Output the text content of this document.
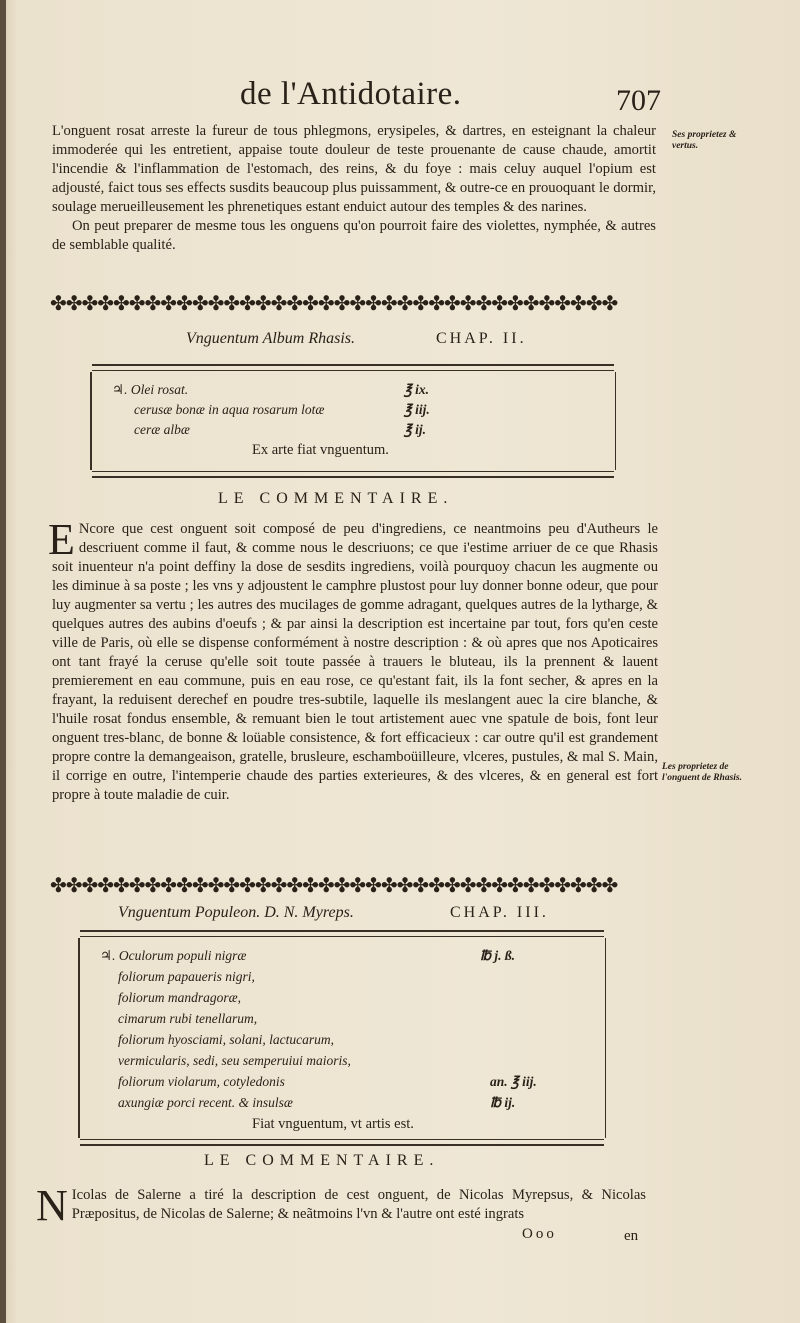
de l'Antidotaire.	707

L'onguent rosat arreste la fureur de tous phlegmons, erysipeles, & dartres, en esteignant la chaleur immoderée qui les entretient, appaise toute douleur de teste prouenante de cause chaude, amortit l'incendie & l'inflammation de l'estomach, des reins, & du foye : mais celuy auquel l'opium est adjousté, faict tous ses effects susdits beaucoup plus puissamment, & outre-ce en prouoquant le dormir, soulage merueilleusement les phrenetiques estant enduict autour des temples & des narines.

On peut preparer de mesme tous les onguens qu'on pourroit faire des violettes, nymphée, & autres de semblable qualité.

Ses proprietez & vertus.
✤✤✤✤✤✤✤✤✤✤✤✤✤✤✤✤✤✤✤✤✤✤✤✤✤✤✤✤✤✤✤✤✤✤✤✤
Vnguentum Album Rhasis.	CHAP. II.
♃. Olei rosat.	℥ ix.
cerusæ bonæ in aqua rosarum lotæ	℥ iij.
ceræ albæ	℥ ij.
Ex arte fiat vnguentum.
LE COMMENTAIRE.

E Ncore que cest onguent soit composé de peu d'ingrediens, ce neantmoins peu d'Autheurs le descriuent comme il faut, & comme nous le descriuons; ce que i'estime arriuer de ce que Rhasis soit inuenteur n'a point deffiny la dose de sesdits ingrediens, voilà pourquoy chacun les augmente ou les diminue à sa poste ; les vns y adjoustent le camphre plustost pour luy donner bonne odeur, que pour luy augmenter sa vertu ; les autres des mucilages de gomme adragant, quelques autres de la lytharge, & quelques autres des aubins d'oeufs ; & par ainsi la description est incertaine par tout, fors qu'en ceste ville de Paris, où elle se dispense conformément à nostre description : & où apres que nos Apoticaires ont tant frayé la ceruse qu'elle soit toute passée à trauers le bluteau, ils la prennent & lauent premierement en eau commune, puis en eau rose, ce qu'estant fait, ils la font secher, & apres en la frayant, la reduisent derechef en poudre tres-subtile, laquelle ils meslangent auec la cire blanche, & l'huile rosat fondus ensemble, & remuant bien le tout artistement auec vne spatule de bois, font leur onguent tres-blanc, de bonne & loüable consistence, & fort efficacieux : car outre qu'il est grandement propre contre la demangeaison, gratelle, brusleure, eschamboüilleure, vlceres, pustules, & mal S. Main, il corrige en outre, l'intemperie chaude des parties exterieures, & des vlceres, & en general est fort propre à toute maladie de cuir.

Les proprietez de l'onguent de Rhasis.
✤✤✤✤✤✤✤✤✤✤✤✤✤✤✤✤✤✤✤✤✤✤✤✤✤✤✤✤✤✤✤✤✤✤✤✤
Vnguentum Populeon. D. N. Myreps.	CHAP. III.
♃. Oculorum populi nigræ	℔ j. ß.
foliorum papaueris nigri,
foliorum mandragoræ,
cimarum rubi tenellarum,
foliorum hyosciami, solani, lactucarum,
vermicularis, sedi, seu semperuiui maioris,
foliorum violarum, cotyledonis	an. ℥ iij.
axungiæ porci recent. & insulsæ	℔ ij.
Fiat vnguentum, vt artis est.
LE COMMENTAIRE.

N Icolas de Salerne a tiré la description de cest onguent, de Nicolas Myrepsus, & Nicolas Præpositus, de Nicolas de Salerne; & neãtmoins l'vn & l'autre ont esté ingrats

Ooo	en
